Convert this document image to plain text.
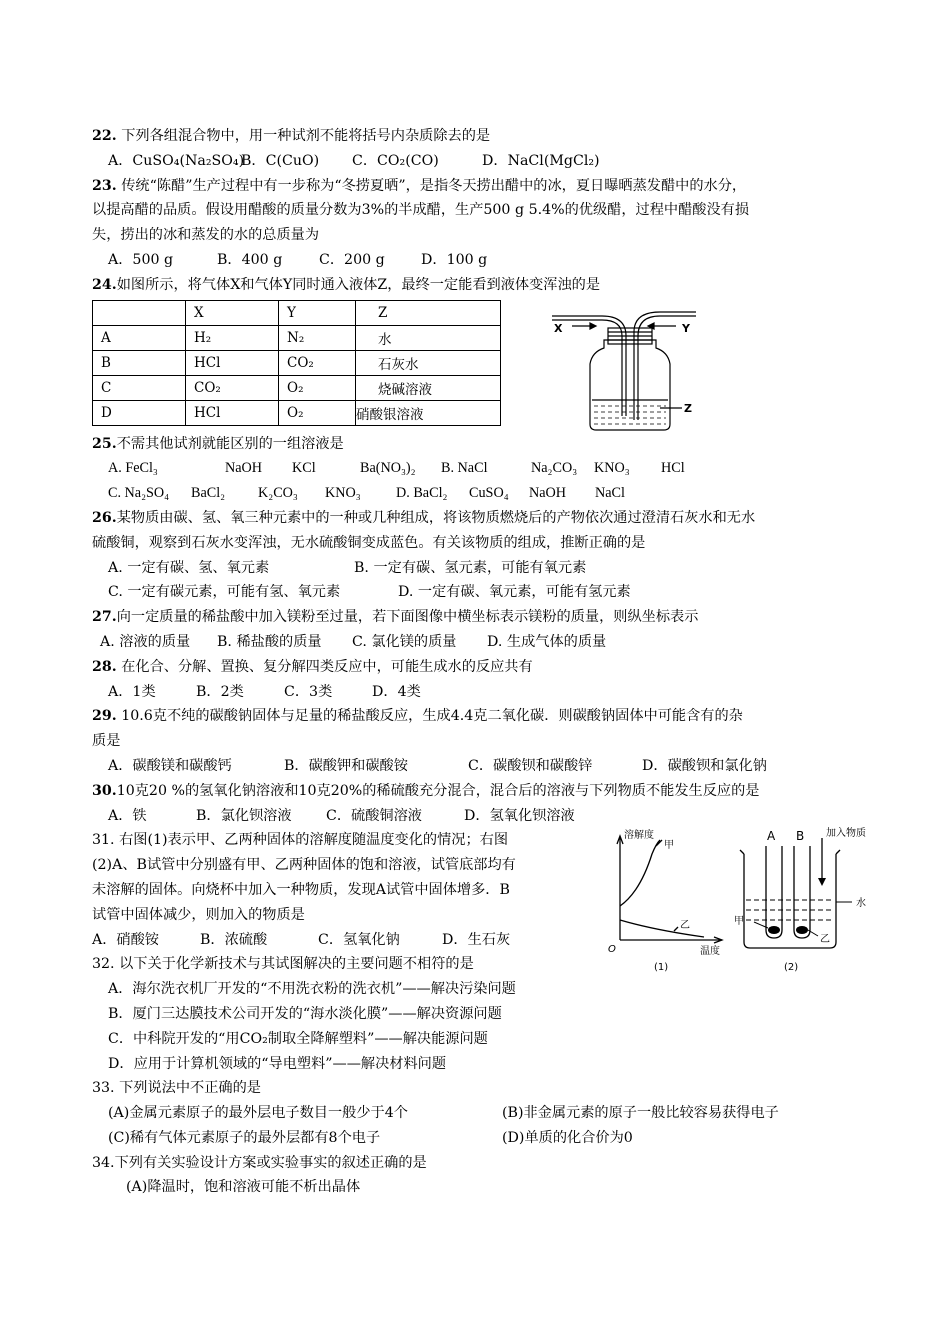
22. 下列各组混合物中，用一种试剂不能将括号内杂质除去的是
A．CuSO₄(Na₂SO₄)B．C(CuO) C．CO₂(CO)	D．NaCl(MgCl₂)
23. 传统“陈醋”生产过程中有一步称为“冬捞夏晒”，是指冬天捞出醋中的冰，夏日曝晒蒸发醋中的水分，
以提高醋的品质。假设用醋酸的质量分数为3%的半成醋，生产500 g 5.4%的优级醋，过程中醋酸没有损
失，捞出的冰和蒸发的水的总质量为
A．500 g	B．400 g	C．200 g	D．100 g
24.如图所示，将气体X和气体Y同时通入液体Z，最终一定能看到液体变浑浊的是
	X	Y	Z
A	H₂	N₂	水
B	HCl	CO₂	石灰水
C	CO₂	O₂	烧碱溶液
D	HCl	O₂	硝酸银溶液
X	Y
Z
25.不需其他试剂就能区别的一组溶液是
A. FeCl₃	NaOH KCl	Ba(NO₃)₂ B. NaCl	Na₂CO₃ KNO₃ HCl
C. Na₂SO₄ BaCl₂ K₂CO₃ KNO₃ D. BaCl₂ CuSO₄ NaOH NaCl
26.某物质由碳、氢、氧三种元素中的一种或几种组成，将该物质燃烧后的产物依次通过澄清石灰水和无水
硫酸铜，观察到石灰水变浑浊，无水硫酸铜变成蓝色。有关该物质的组成，推断正确的是
A. 一定有碳、氢、氧元素	B. 一定有碳、氢元素，可能有氧元素
C. 一定有碳元素，可能有氢、氧元素	D. 一定有碳、氧元素，可能有氢元素
27.向一定质量的稀盐酸中加入镁粉至过量，若下面图像中横坐标表示镁粉的质量，则纵坐标表示
A. 溶液的质量 B. 稀盐酸的质量 C. 氯化镁的质量 D. 生成气体的质量
28. 在化合、分解、置换、复分解四类反应中，可能生成水的反应共有
A．1类	B．2类	C．3类	D．4类
29. 10.6克不纯的碳酸钠固体与足量的稀盐酸反应，生成4.4克二氧化碳．则碳酸钠固体中可能含有的杂
质是
A．碳酸镁和碳酸钙	B．碳酸钾和碳酸铵	C．碳酸钡和碳酸锌	D．碳酸钡和氯化钠
30.10克20 %的氢氧化钠溶液和10克20%的稀硫酸充分混合，混合后的溶液与下列物质不能发生反应的是
A．铁	B．氯化钡溶液 C．硫酸铜溶液	D．氢氧化钡溶液
31. 右图(1)表示甲、乙两种固体的溶解度随温度变化的情况；右图
(2)A、B试管中分别盛有甲、乙两种固体的饱和溶液，试管底部均有
未溶解的固体。向烧杯中加入一种物质，发现A试管中固体增多．B
试管中固体减少，则加入的物质是
A．硝酸铵	B．浓硫酸	C．氢氧化钠	D．生石灰
溶解度
甲
乙
O	温度
(1)
A B 加入物质
水
甲
乙
(2)
32. 以下关于化学新技术与其试图解决的主要问题不相符的是
A．海尔洗衣机厂开发的“不用洗衣粉的洗衣机”——解决污染问题
B．厦门三达膜技术公司开发的“海水淡化膜”——解决资源问题
C．中科院开发的“用CO₂制取全降解塑料”——解决能源问题
D．应用于计算机领域的“导电塑料”——解决材料问题
33. 下列说法中不正确的是
(A)金属元素原子的最外层电子数目一般少于4个	(B)非金属元素的原子一般比较容易获得电子
(C)稀有气体元素原子的最外层都有8个电子	(D)单质的化合价为0
34.下列有关实验设计方案或实验事实的叙述正确的是
(A)降温时，饱和溶液可能不析出晶体
